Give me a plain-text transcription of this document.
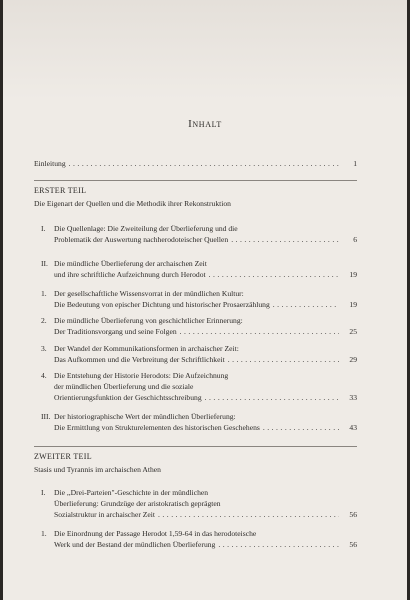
Inhalt
Einleitung . . .	1
ERSTER TEIL
Die Eigenart der Quellen und die Methodik ihrer Rekonstruktion
I. Die Quellenlage: Die Zweiteilung der Überlieferung und die
Problematik der Auswertung nachherodoteischer Quellen . . .	6
II. Die mündliche Überlieferung der archaischen Zeit
und ihre schriftliche Aufzeichnung durch Herodot . . .	19
1. Der gesellschaftliche Wissensvorrat in der mündlichen Kultur:
Die Bedeutung von epischer Dichtung und historischer Prosaerzählung . . .	19
2. Die mündliche Überlieferung von geschichtlicher Erinnerung:
Der Traditionsvorgang und seine Folgen . . .	25
3. Der Wandel der Kommunikationsformen in archaischer Zeit:
Das Aufkommen und die Verbreitung der Schriftlichkeit . . .	29
4. Die Entstehung der Historie Herodots: Die Aufzeichnung
der mündlichen Überlieferung und die soziale
Orientierungsfunktion der Geschichtsschreibung . . .	33
III. Der historiographische Wert der mündlichen Überlieferung:
Die Ermittlung von Strukturelementen des historischen Geschehens . . .	43
ZWEITER TEIL
Stasis und Tyrannis im archaischen Athen
I. Die ,,Drei-Parteien"-Geschichte in der mündlichen
Überlieferung: Grundzüge der aristokratisch geprägten
Sozialstruktur in archaischer Zeit . . .	56
1. Die Einordnung der Passage Herodot 1,59-64 in das herodoteische
Werk und der Bestand der mündlichen Überlieferung . . .	56
